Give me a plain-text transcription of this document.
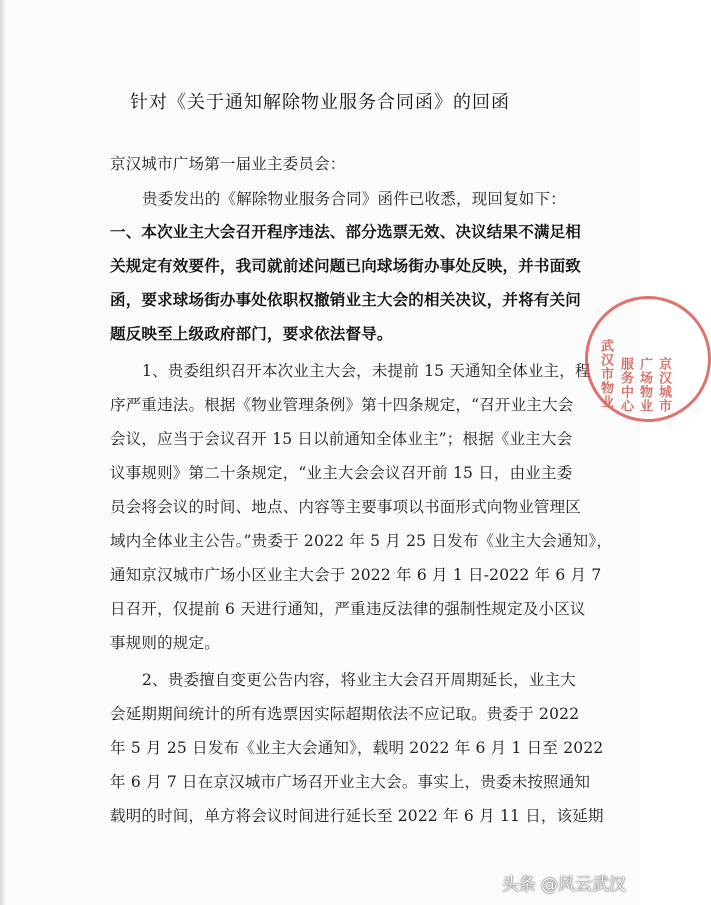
针对《关于通知解除物业服务合同函》的回函
京汉城市广场第一届业主委员会：
贵委发出的《解除物业服务合同》函件已收悉，现回复如下：
一、本次业主大会召开程序违法、部分选票无效、决议结果不满足相
关规定有效要件，我司就前述问题已向球场街办事处反映，并书面致
函，要求球场街办事处依职权撤销业主大会的相关决议，并将有关问
题反映至上级政府部门，要求依法督导。
1、贵委组织召开本次业主大会，未提前 15 天通知全体业主，程
序严重违法。根据《物业管理条例》第十四条规定，“召开业主大会
会议，应当于会议召开 15 日以前通知全体业主”；根据《业主大会
议事规则》第二十条规定，“业主大会会议召开前 15 日，由业主委
员会将会议的时间、地点、内容等主要事项以书面形式向物业管理区
域内全体业主公告。”贵委于 2022 年 5 月 25 日发布《业主大会通知》，
通知京汉城市广场小区业主大会于 2022 年 6 月 1 日-2022 年 6 月 7
日召开，仅提前 6 天进行通知，严重违反法律的强制性规定及小区议
事规则的规定。
2、贵委擅自变更公告内容，将业主大会召开周期延长，业主大
会延期期间统计的所有选票因实际超期依法不应记取。贵委于 2022
年 5 月 25 日发布《业主大会通知》，载明 2022 年 6 月 1 日至 2022
年 6 月 7 日在京汉城市广场召开业主大会。事实上，贵委未按照通知
载明的时间，单方将会议时间进行延长至 2022 年 6 月 11 日，该延期
武汉市物业	京汉城市广场物业服务中心
头条 @风云武汉
